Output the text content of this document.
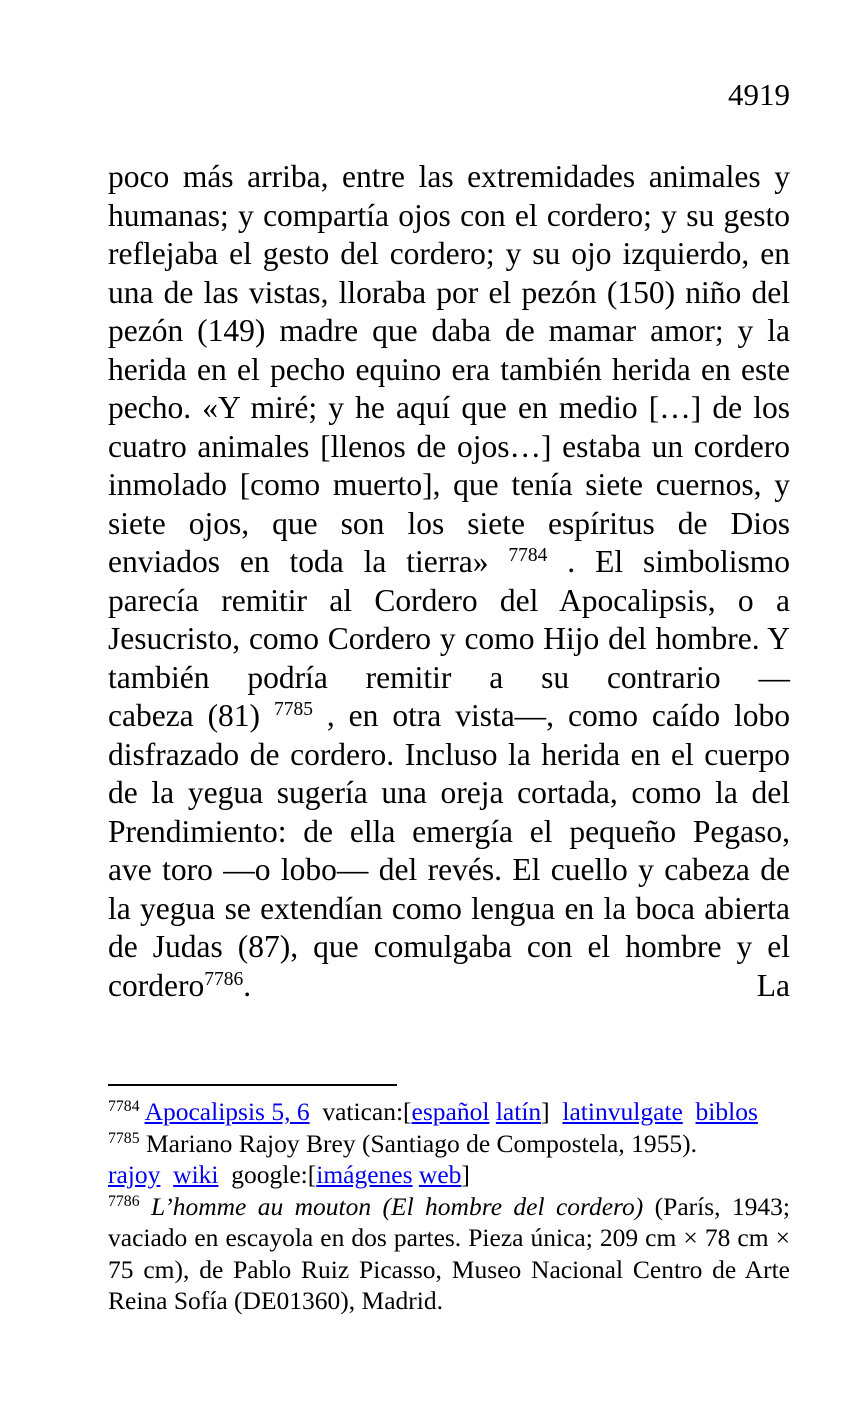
4919
poco más arriba, entre las extremidades animales y humanas; y compartía ojos con el cordero; y su gesto reflejaba el gesto del cordero; y su ojo izquierdo, en una de las vistas, lloraba por el pezón (150) niño del pezón (149) madre que daba de mamar amor; y la herida en el pecho equino era también herida en este pecho. «Y miré; y he aquí que en medio […] de los cuatro animales [llenos de ojos…] estaba un cordero inmolado [como muerto], que tenía siete cuernos, y siete ojos, que son los siete espíritus de Dios enviados en toda la tierra» $^{7784}$ . El simbolismo parecía remitir al Cordero del Apocalipsis, o a Jesucristo, como Cordero y como Hijo del hombre. Y también podría remitir a su contrario —cabeza (81) $^{7785}$ , en otra vista—, como caído lobo disfrazado de cordero. Incluso la herida en el cuerpo de la yegua sugería una oreja cortada, como la del Prendimiento: de ella emergía el pequeño Pegaso, ave toro —o lobo— del revés. El cuello y cabeza de la yegua se extendían como lengua en la boca abierta de Judas (87), que comulgaba con el hombre y el cordero$^{7786}$. La

$^{7784}$ Apocalipsis 5, 6  vatican:[español latín]  latinvulgate biblos

$^{7785}$ Mariano Rajoy Brey (Santiago de Compostela, 1955).
rajoy wiki  google:[imágenes web]

$^{7786}$ L’homme au mouton (El hombre del cordero) (París, 1943; vaciado en escayola en dos partes. Pieza única; 209 cm × 78 cm × 75 cm), de Pablo Ruiz Picasso, Museo Nacional Centro de Arte Reina Sofía (DE01360), Madrid.
